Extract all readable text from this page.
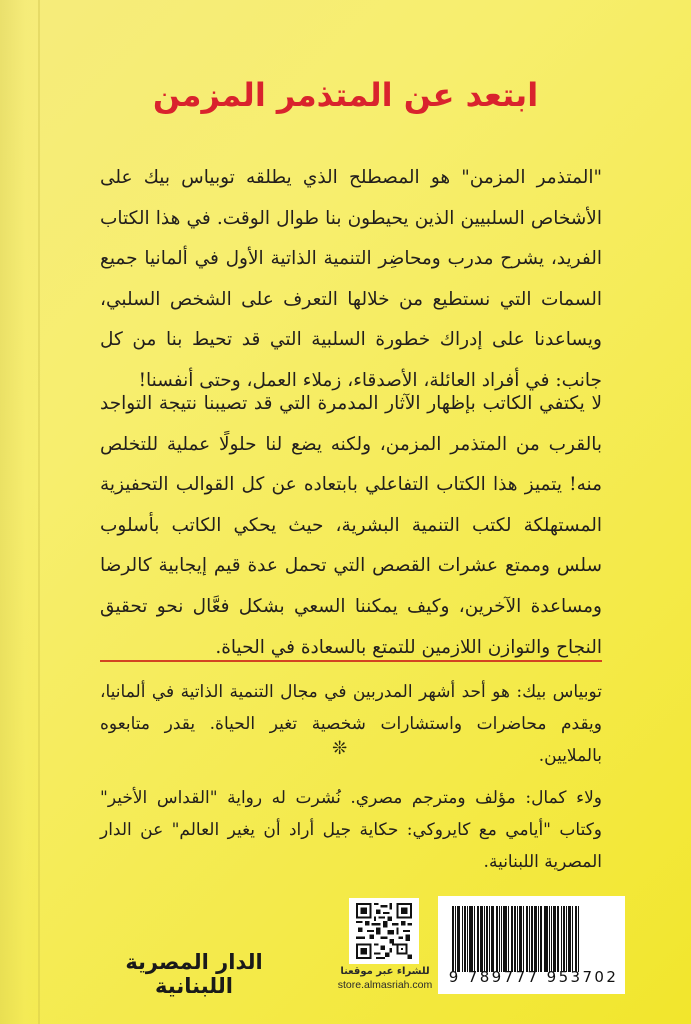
ابتعد عن المتذمر المزمن

"المتذمر المزمن" هو المصطلح الذي يطلقه توبياس بيك على الأشخاص السلبيين الذين يحيطون بنا طوال الوقت. في هذا الكتاب الفريد، يشرح مدرب ومحاضِر التنمية الذاتية الأول في ألمانيا جميع السمات التي نستطيع من خلالها التعرف على الشخص السلبي، ويساعدنا على إدراك خطورة السلبية التي قد تحيط بنا من كل جانب: في أفراد العائلة، الأصدقاء، زملاء العمل، وحتى أنفسنا!

لا يكتفي الكاتب بإظهار الآثار المدمرة التي قد تصيبنا نتيجة التواجد بالقرب من المتذمر المزمن، ولكنه يضع لنا حلولًا عملية للتخلص منه! يتميز هذا الكتاب التفاعلي بابتعاده عن كل القوالب التحفيزية المستهلكة لكتب التنمية البشرية، حيث يحكي الكاتب بأسلوب سلس وممتع عشرات القصص التي تحمل عدة قيم إيجابية كالرضا ومساعدة الآخرين، وكيف يمكننا السعي بشكل فعَّال نحو تحقيق النجاح والتوازن اللازمين للتمتع بالسعادة في الحياة.

توبياس بيك: هو أحد أشهر المدربين في مجال التنمية الذاتية في ألمانيا، ويقدم محاضرات واستشارات شخصية تغير الحياة. يقدر متابعوه بالملايين.

❊

ولاء كمال: مؤلف ومترجم مصري. نُشرت له رواية "القداس الأخير" وكتاب "أيامي مع كايروكي: حكاية جيل أراد أن يغير العالم" عن الدار المصرية اللبنانية.

الدار المصرية اللبنانية
للشراء عبر موقعنا
store.almasriah.com	9 789777 953702
